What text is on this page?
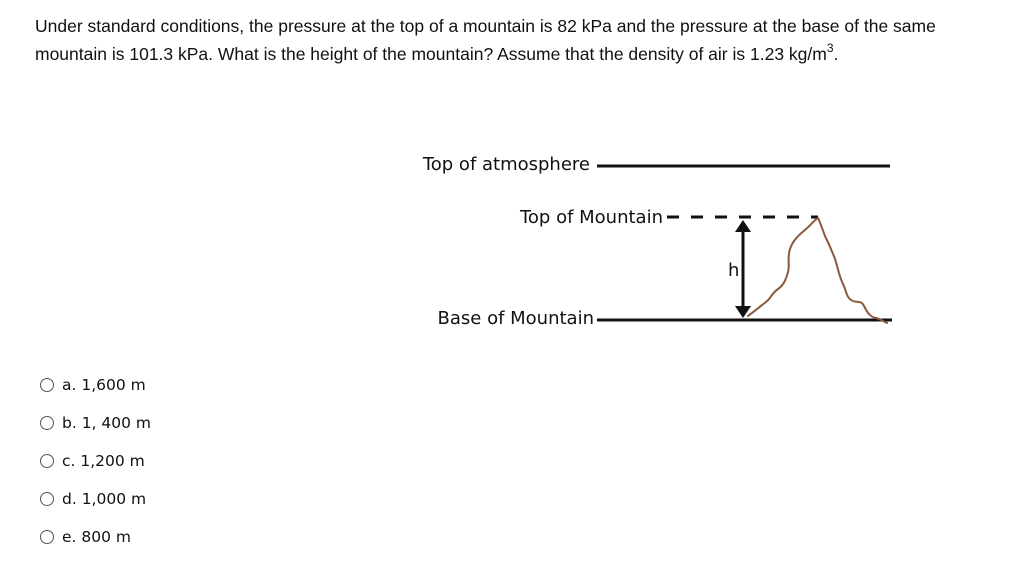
Under standard conditions, the pressure at the top of a mountain is 82 kPa and the pressure at the base of the same mountain is 101.3 kPa. What is the height of the mountain? Assume that the density of air is 1.23 $kg/m^3$.

Top of atmosphere
Top of Mountain
Base of Mountain
h
a. 1,600 m
b. 1, 400 m
c. 1,200 m
d. 1,000 m
e. 800 m
